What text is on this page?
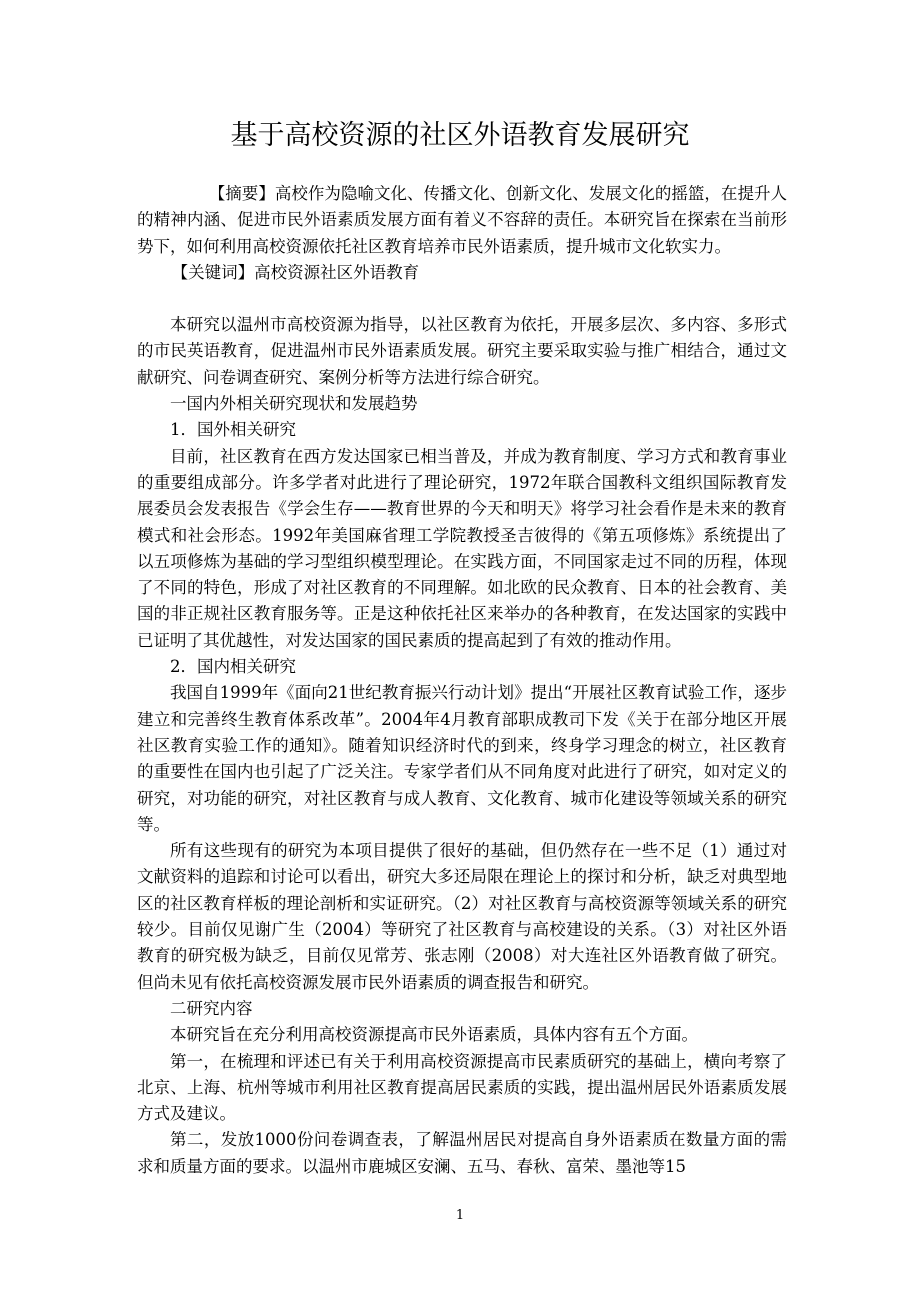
基于高校资源的社区外语教育发展研究

【摘要】高校作为隐喻文化、传播文化、创新文化、发展文化的摇篮，在提升人的精神内涵、促进市民外语素质发展方面有着义不容辞的责任。本研究旨在探索在当前形势下，如何利用高校资源依托社区教育培养市民外语素质，提升城市文化软实力。

【关键词】高校资源社区外语教育

本研究以温州市高校资源为指导，以社区教育为依托，开展多层次、多内容、多形式的市民英语教育，促进温州市民外语素质发展。研究主要采取实验与推广相结合，通过文献研究、问卷调查研究、案例分析等方法进行综合研究。

一国内外相关研究现状和发展趋势

1．国外相关研究

目前，社区教育在西方发达国家已相当普及，并成为教育制度、学习方式和教育事业的重要组成部分。许多学者对此进行了理论研究，1972年联合国教科文组织国际教育发展委员会发表报告《学会生存——教育世界的今天和明天》将学习社会看作是未来的教育模式和社会形态。1992年美国麻省理工学院教授圣吉彼得的《第五项修炼》系统提出了以五项修炼为基础的学习型组织模型理论。在实践方面，不同国家走过不同的历程，体现了不同的特色，形成了对社区教育的不同理解。如北欧的民众教育、日本的社会教育、美国的非正规社区教育服务等。正是这种依托社区来举办的各种教育，在发达国家的实践中已证明了其优越性，对发达国家的国民素质的提高起到了有效的推动作用。

2．国内相关研究

我国自1999年《面向21世纪教育振兴行动计划》提出“开展社区教育试验工作，逐步建立和完善终生教育体系改革”。2004年4月教育部职成教司下发《关于在部分地区开展社区教育实验工作的通知》。随着知识经济时代的到来，终身学习理念的树立，社区教育的重要性在国内也引起了广泛关注。专家学者们从不同角度对此进行了研究，如对定义的研究，对功能的研究，对社区教育与成人教育、文化教育、城市化建设等领域关系的研究等。

所有这些现有的研究为本项目提供了很好的基础，但仍然存在一些不足（1）通过对文献资料的追踪和讨论可以看出，研究大多还局限在理论上的探讨和分析，缺乏对典型地区的社区教育样板的理论剖析和实证研究。（2）对社区教育与高校资源等领域关系的研究较少。目前仅见谢广生（2004）等研究了社区教育与高校建设的关系。（3）对社区外语教育的研究极为缺乏，目前仅见常芳、张志刚（2008）对大连社区外语教育做了研究。但尚未见有依托高校资源发展市民外语素质的调查报告和研究。

二研究内容

本研究旨在充分利用高校资源提高市民外语素质，具体内容有五个方面。

第一，在梳理和评述已有关于利用高校资源提高市民素质研究的基础上，横向考察了北京、上海、杭州等城市利用社区教育提高居民素质的实践，提出温州居民外语素质发展方式及建议。

第二，发放1000份问卷调查表，了解温州居民对提高自身外语素质在数量方面的需求和质量方面的要求。以温州市鹿城区安澜、五马、春秋、富荣、墨池等15

1
